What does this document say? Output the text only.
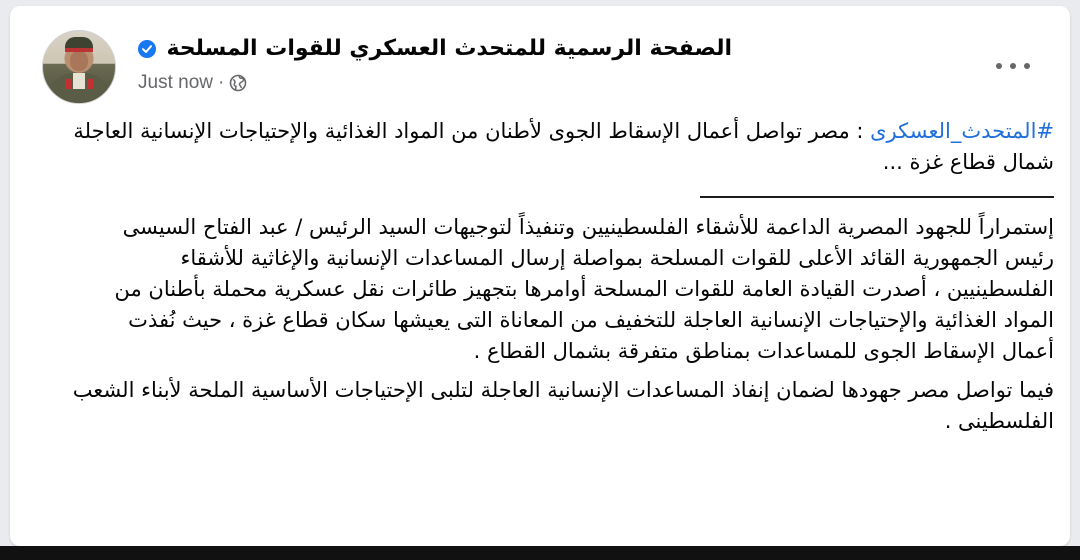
الصفحة الرسمية للمتحدث العسكري للقوات المسلحة
Just now ·

#المتحدث_العسكرى : مصر تواصل أعمال الإسقاط الجوى لأطنان من المواد الغذائية والإحتياجات الإنسانية العاجلة شمال قطاع غزة ...

إستمراراً للجهود المصرية الداعمة للأشقاء الفلسطينيين وتنفيذاً لتوجيهات السيد الرئيس / عبد الفتاح السيسى رئيس الجمهورية القائد الأعلى للقوات المسلحة بمواصلة إرسال المساعدات الإنسانية والإغاثية للأشقاء الفلسطينيين ، أصدرت القيادة العامة للقوات المسلحة أوامرها بتجهيز طائرات نقل عسكرية محملة بأطنان من المواد الغذائية والإحتياجات الإنسانية العاجلة للتخفيف من المعاناة التى يعيشها سكان قطاع غزة ، حيث نُفذت أعمال الإسقاط الجوى للمساعدات بمناطق متفرقة بشمال القطاع .

فيما تواصل مصر جهودها لضمان إنفاذ المساعدات الإنسانية العاجلة لتلبى الإحتياجات الأساسية الملحة لأبناء الشعب الفلسطينى .
